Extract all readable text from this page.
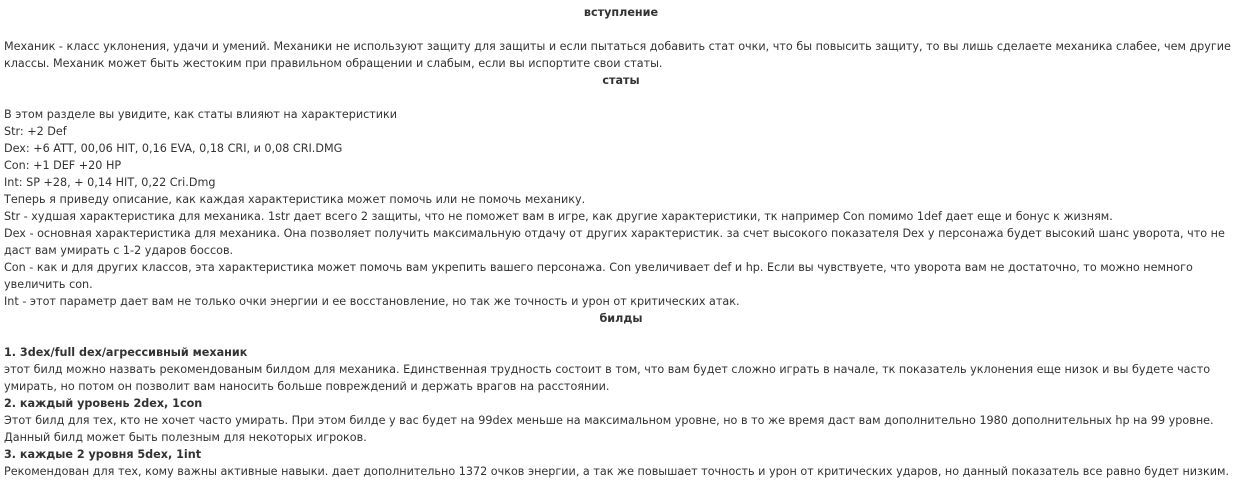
вступление
Механик - класс уклонения, удачи и умений. Механики не используют защиту для защиты и если пытаться добавить стат очки, что бы повысить защиту, то вы лишь сделаете механика слабее, чем другие классы. Механик может быть жестоким при правильном обращении и слабым, если вы испортите свои статы.
статы
В этом разделе вы увидите, как статы влияют на характеристики
Str: +2 Def
Dex: +6 ATT, 00,06 HIT, 0,16 EVA, 0,18 CRI, и 0,08 CRI.DMG
Con: +1 DEF +20 HP
Int: SP +28, + 0,14 HIT, 0,22 Cri.Dmg
Теперь я приведу описание, как каждая характеристика может помочь или не помочь механику.
Str - худшая характеристика для механика. 1str дает всего 2 защиты, что не поможет вам в игре, как другие характеристики, тк например Con помимо 1def дает еще и бонус к жизням.
Dex - основная характеристика для механика. Она позволяет получить максимальную отдачу от других характеристик. за счет высокого показателя Dex у персонажа будет высокий шанс уворота, что не даст вам умирать с 1-2 ударов боссов.
Con - как и для других классов, эта характеристика может помочь вам укрепить вашего персонажа. Con увеличивает def и hp. Если вы чувствуете, что уворота вам не достаточно, то можно немного увеличить con.
Int - этот параметр дает вам не только очки энергии и ее восстановление, но так же точность и урон от критических атак.
билды
1. 3dex/full dex/агрессивный механик
этот билд можно назвать рекомендованым билдом для механика. Единственная трудность состоит в том, что вам будет сложно играть в начале, тк показатель уклонения еще низок и вы будете часто умирать, но потом он позволит вам наносить больше повреждений и держать врагов на расстоянии.
2. каждый уровень 2dex, 1con
Этот билд для тех, кто не хочет часто умирать. При этом билде у вас будет на 99dex меньше на максимальном уровне, но в то же время даст вам дополнительно 1980 дополнительных hp на 99 уровне. Данный билд может быть полезным для некоторых игроков.
3. каждые 2 уровня 5dex, 1int
Рекомендован для тех, кому важны активные навыки. дает дополнительно 1372 очков энергии, а так же повышает точность и урон от критических ударов, но данный показатель все равно будет низким.
